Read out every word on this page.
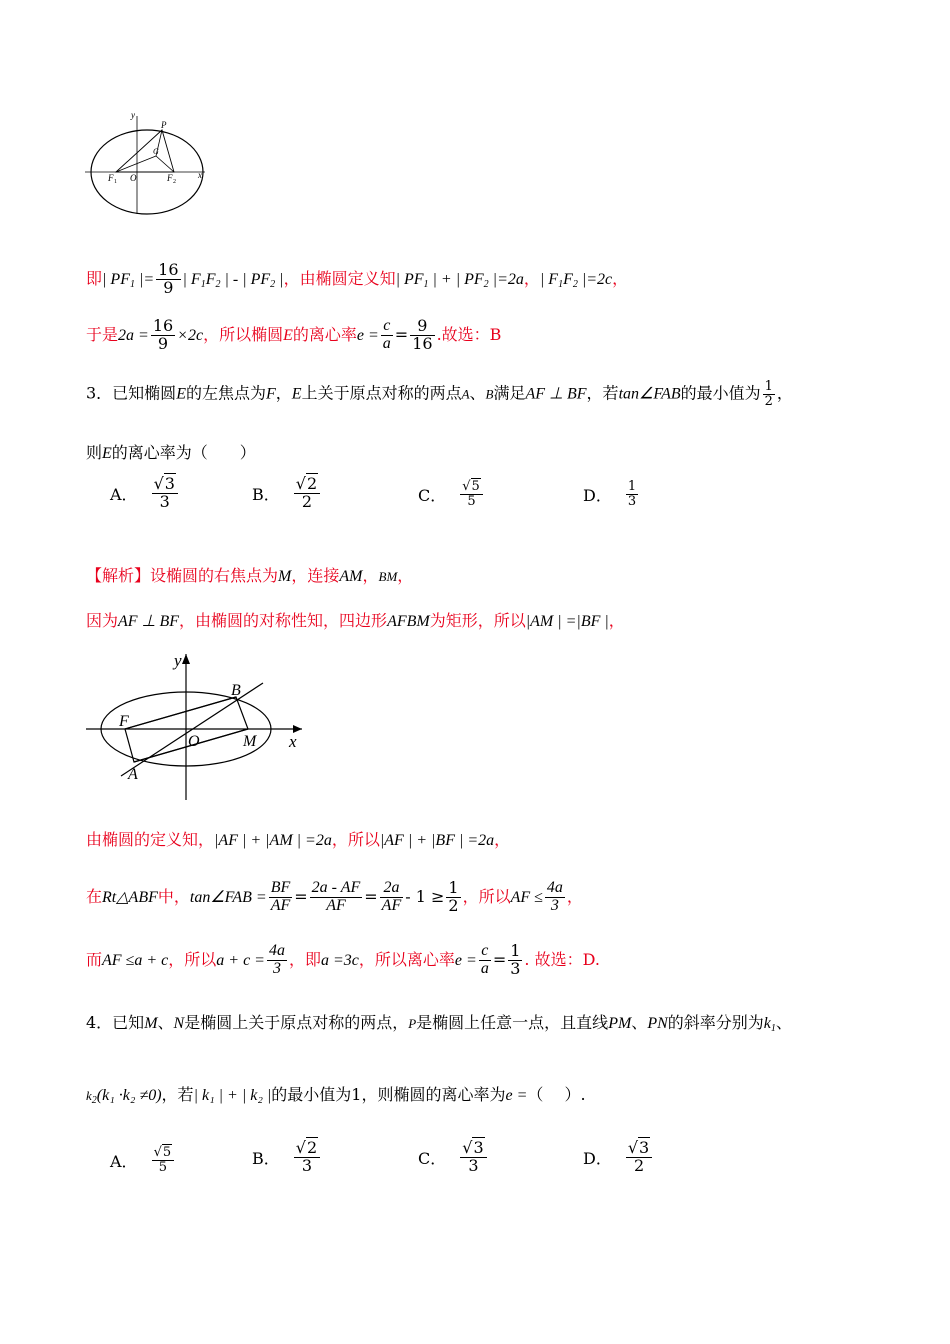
y
P
G
F 1 O	F 2
x
即| $PF_1$ |= $\frac{16}{9}$ | $F_1F_2$ | - | $PF_2$ |，由椭圆定义知| $PF_1$ | + | $PF_2$ |=2a，| $F_1F_2$ |=2c，
于是$2a = \frac{16}{9} \times 2c$，所以椭圆E的离心率$e = \frac{c}{a} = \frac{9}{16}$ .故选：B
3．已知椭圆E的左焦点为F，E上关于原点对称的两点A、B满足AF ⊥ BF，若tan∠FAB的最小值为 $\frac{1}{2}$ ，
则E的离心率为（　　）
A． $\frac{√3}{3}$	B． $\frac{√2}{2}$	C． $\frac{√5}{5}$	D． $\frac{1}{3}$
【解析】设椭圆的右焦点为M，连接AM，BM，
因为AF ⊥ BF，由椭圆的对称性知，四边形AFBM为矩形，所以|AM | =|BF |，
y
B
F
O	M x
A
由椭圆的定义知，|AF | + |AM | =2a，所以|AF | + |BF | =2a，
在Rt△ABF中，tan∠FAB = $\frac{BF}{AF} = \frac{2a - AF}{AF} = \frac{2a}{AF} - 1 \ge \frac{1}{2}$ ，所以AF ≤ $\frac{4a}{3}$ ，
而AF ≤a + c，所以$a + c = \frac{4a}{3}$ ，即a =3c，所以离心率$e = \frac{c}{a} = \frac{1}{3}$ . 故选：D.
4．已知M、N是椭圆上关于原点对称的两点，P是椭圆上任意一点，且直线PM、PN的斜率分别为$k_1$、
$k_2(k_1 \cdot k_2 \ne 0)$，若| k₁ | + | k₂ |的最小值为1，则椭圆的离心率为e =（　 ）.
A． $\frac{√5}{5}$	B． $\frac{√2}{3}$	C． $\frac{√3}{3}$	D． $\frac{√3}{2}$
